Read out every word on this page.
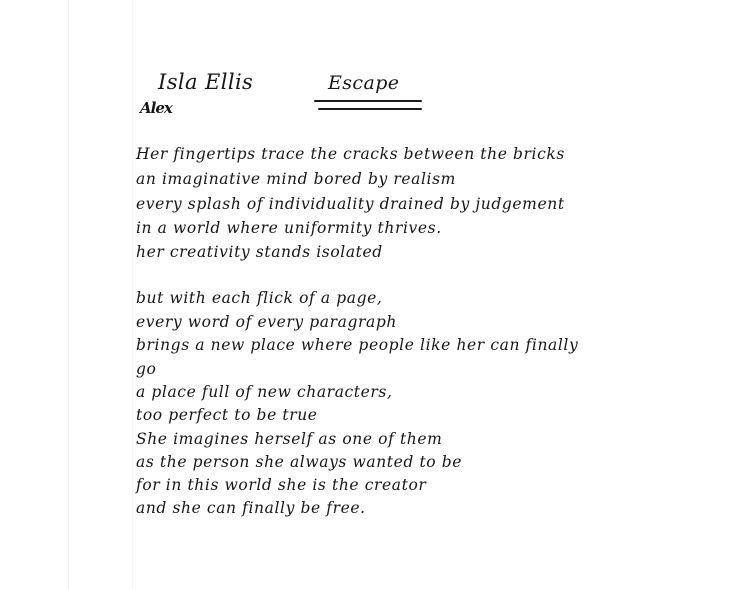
Isla Ellis	Escape
Alex
Her fingertips trace the cracks between the bricks
an imaginative mind bored by realism
every splash of individuality drained by judgement
in a world where uniformity thrives.
her creativity stands isolated
but with each flick of a page,
every word of every paragraph
brings a new place where people like her can finally
go
a place full of new characters,
too perfect to be true
She imagines herself as one of them
as the person she always wanted to be
for in this world she is the creator
and she can finally be free.
